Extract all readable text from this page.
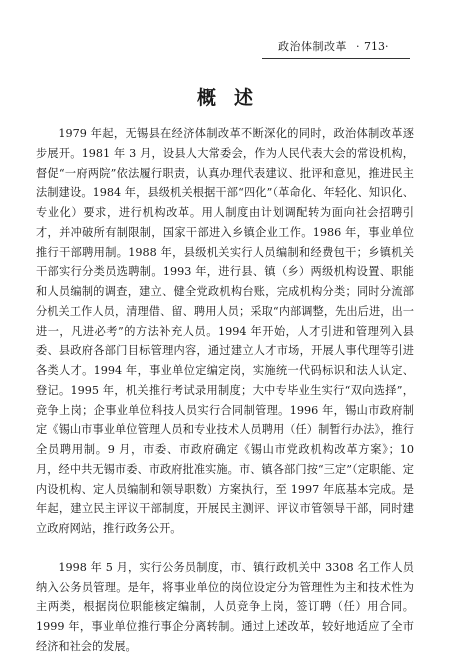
政治体制改革 · 713·
概述

1979 年起，无锡县在经济体制改革不断深化的同时，政治体制改革逐步展开。1981 年 3 月，设县人大常委会，作为人民代表大会的常设机构，督促“一府两院”依法履行职责，认真办理代表建议、批评和意见，推进民主法制建设。1984 年，县级机关根据干部“四化”（革命化、年轻化、知识化、专业化）要求，进行机构改革。用人制度由计划调配转为面向社会招聘引才，并冲破所有制限制，国家干部进入乡镇企业工作。1986 年，事业单位推行干部聘用制。1988 年，县级机关实行人员编制和经费包干；乡镇机关干部实行分类员选聘制。1993 年，进行县、镇（乡）两级机构设置、职能和人员编制的调查，建立、健全党政机构台账，完成机构分类；同时分流部分机关工作人员，清理借、留、聘用人员；采取“内部调整，先出后进，出一进一，凡进必考”的方法补充人员。1994 年开始，人才引进和管理列入县委、县政府各部门目标管理内容，通过建立人才市场，开展人事代理等引进各类人才。1994 年，事业单位定编定岗，实施统一代码标识和法人认定、登记。1995 年，机关推行考试录用制度；大中专毕业生实行“双向选择”，竞争上岗；企事业单位科技人员实行合同制管理。1996 年，锡山市政府制定《锡山市事业单位管理人员和专业技术人员聘用（任）制暂行办法》，推行全员聘用制。9 月，市委、市政府确定《锡山市党政机构改革方案》；10 月，经中共无锡市委、市政府批准实施。市、镇各部门按“三定”（定职能、定内设机构、定人员编制和领导职数）方案执行，至 1997 年底基本完成。是年起，建立民主评议干部制度，开展民主测评、评议市管领导干部，同时建立政府网站，推行政务公开。

1998 年 5 月，实行公务员制度，市、镇行政机关中 3308 名工作人员纳入公务员管理。是年，将事业单位的岗位设定分为管理性为主和技术性为主两类，根据岗位职能核定编制，人员竞争上岗，签订聘（任）用合同。1999 年，事业单位推行事企分离转制。通过上述改革，较好地适应了全市经济和社会的发展。
